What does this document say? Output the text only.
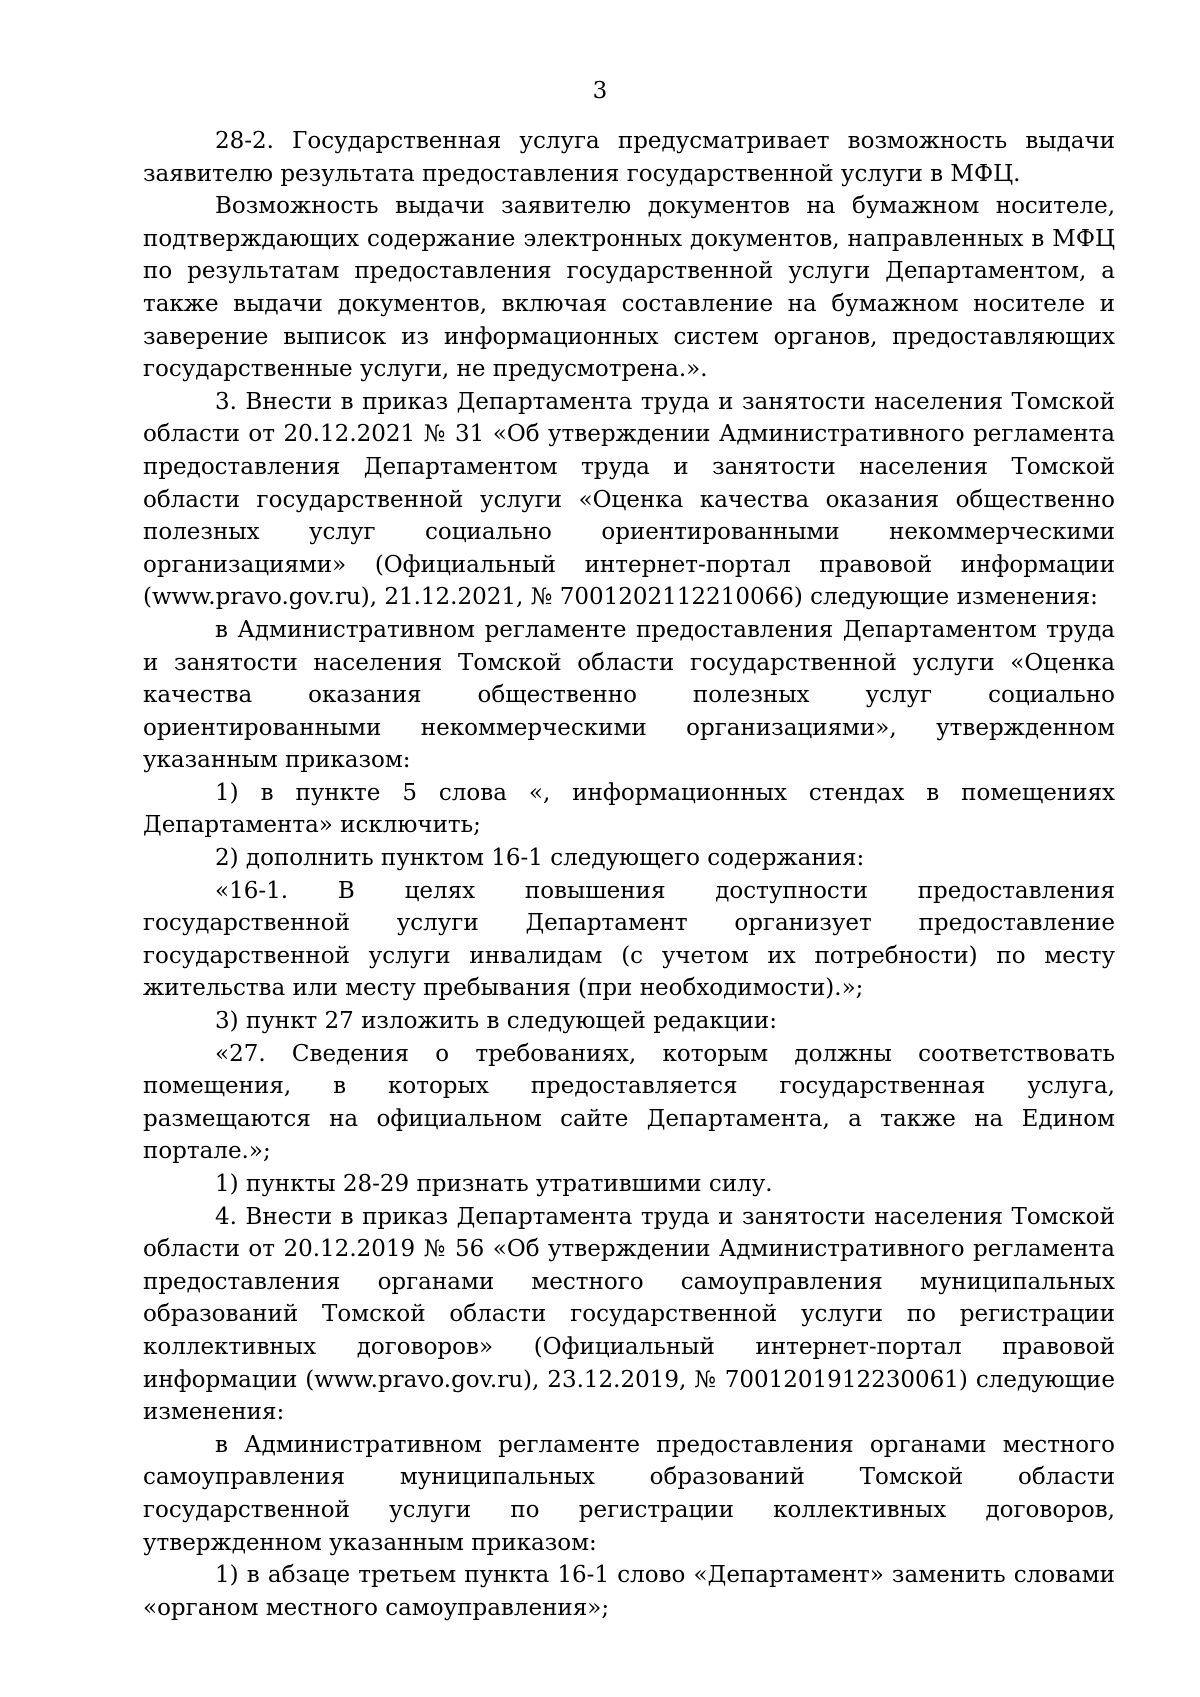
3

28-2. Государственная услуга предусматривает возможность выдачи заявителю результата предоставления государственной услуги в МФЦ.

Возможность выдачи заявителю документов на бумажном носителе, подтверждающих содержание электронных документов, направленных в МФЦ по результатам предоставления государственной услуги Департаментом, а также выдачи документов, включая составление на бумажном носителе и заверение выписок из информационных систем органов, предоставляющих государственные услуги, не предусмотрена.».

3. Внести в приказ Департамента труда и занятости населения Томской области от 20.12.2021 № 31 «Об утверждении Административного регламента предоставления Департаментом труда и занятости населения Томской области государственной услуги «Оценка качества оказания общественно полезных услуг социально ориентированными некоммерческими организациями» (Официальный интернет-портал правовой информации (www.pravo.gov.ru), 21.12.2021, № 7001202112210066) следующие изменения:

в Административном регламенте предоставления Департаментом труда и занятости населения Томской области государственной услуги «Оценка качества оказания общественно полезных услуг социально ориентированными некоммерческими организациями», утвержденном указанным приказом:

1) в пункте 5 слова «, информационных стендах в помещениях Департамента» исключить;

2) дополнить пунктом 16-1 следующего содержания:

«16-1. В целях повышения доступности предоставления государственной услуги Департамент организует предоставление государственной услуги инвалидам (с учетом их потребности) по месту жительства или месту пребывания (при необходимости).»;

3) пункт 27 изложить в следующей редакции:

«27. Сведения о требованиях, которым должны соответствовать помещения, в которых предоставляется государственная услуга, размещаются на официальном сайте Департамента, а также на Едином портале.»;

1) пункты 28-29 признать утратившими силу.

4. Внести в приказ Департамента труда и занятости населения Томской области от 20.12.2019 № 56 «Об утверждении Административного регламента предоставления органами местного самоуправления муниципальных образований Томской области государственной услуги по регистрации коллективных договоров» (Официальный интернет-портал правовой информации (www.pravo.gov.ru), 23.12.2019, № 7001201912230061) следующие изменения:

в Административном регламенте предоставления органами местного самоуправления муниципальных образований Томской области государственной услуги по регистрации коллективных договоров, утвержденном указанным приказом:

1) в абзаце третьем пункта 16-1 слово «Департамент» заменить словами «органом местного самоуправления»;
